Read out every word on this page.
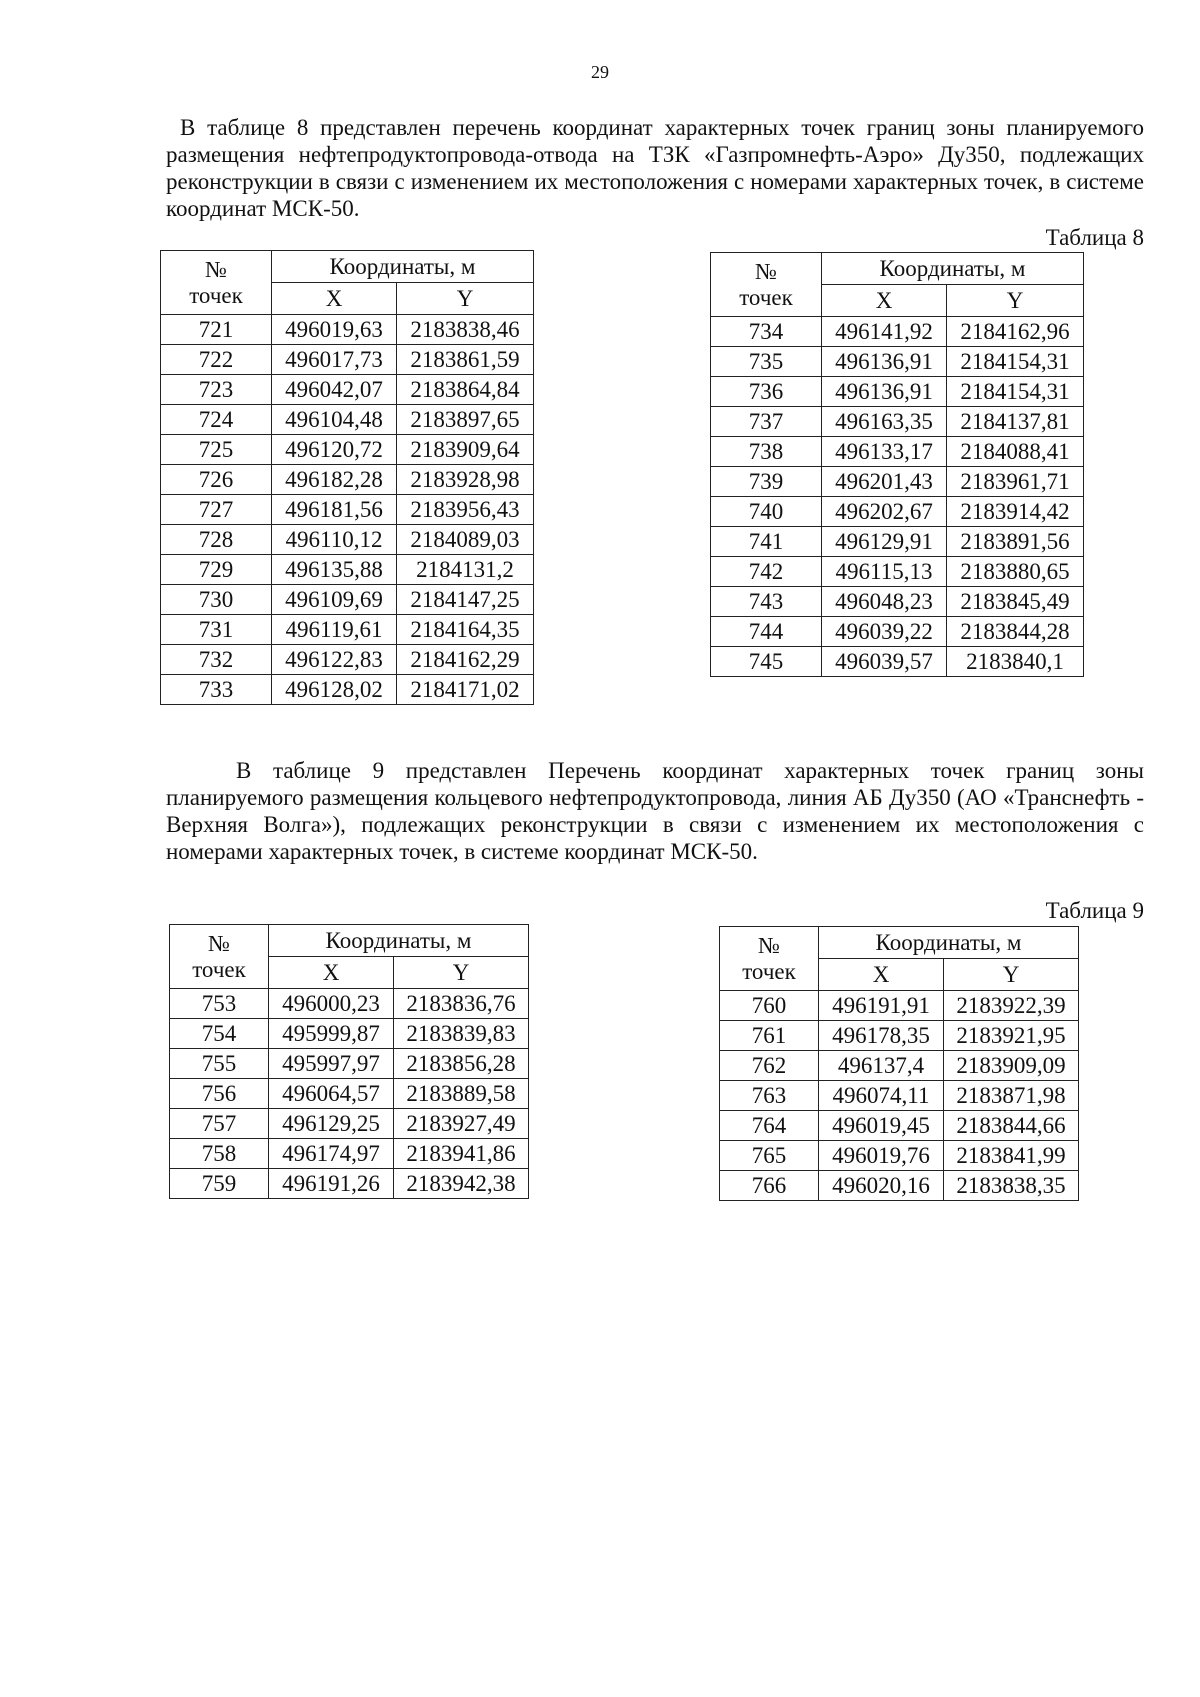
29

В таблице 8 представлен перечень координат характерных точек границ зоны планируемого размещения нефтепродуктопровода-отвода на ТЗК «Газпромнефть-Аэро» Ду350, подлежащих реконструкции в связи с изменением их местоположения с номерами характерных точек, в системе координат МСК-50.

Таблица 8
№
точек	Координаты, м	
	X	Y
721	496019,63	2183838,46
722	496017,73	2183861,59
723	496042,07	2183864,84
724	496104,48	2183897,65
725	496120,72	2183909,64
726	496182,28	2183928,98
727	496181,56	2183956,43
728	496110,12	2184089,03
729	496135,88	2184131,2
730	496109,69	2184147,25
731	496119,61	2184164,35
732	496122,83	2184162,29
733	496128,02	2184171,02
№
точек	Координаты, м	
	X	Y
734	496141,92	2184162,96
735	496136,91	2184154,31
736	496136,91	2184154,31
737	496163,35	2184137,81
738	496133,17	2184088,41
739	496201,43	2183961,71
740	496202,67	2183914,42
741	496129,91	2183891,56
742	496115,13	2183880,65
743	496048,23	2183845,49
744	496039,22	2183844,28
745	496039,57	2183840,1

В таблице 9 представлен Перечень координат характерных точек границ зоны планируемого размещения кольцевого нефтепродуктопровода, линия АБ Ду350 (АО «Транснефть - Верхняя Волга»), подлежащих реконструкции в связи с изменением их местоположения с номерами характерных точек, в системе координат МСК-50.

Таблица 9
№
точек	Координаты, м	
	X	Y
753	496000,23	2183836,76
754	495999,87	2183839,83
755	495997,97	2183856,28
756	496064,57	2183889,58
757	496129,25	2183927,49
758	496174,97	2183941,86
759	496191,26	2183942,38
№
точек	Координаты, м	
	X	Y
760	496191,91	2183922,39
761	496178,35	2183921,95
762	496137,4	2183909,09
763	496074,11	2183871,98
764	496019,45	2183844,66
765	496019,76	2183841,99
766	496020,16	2183838,35
